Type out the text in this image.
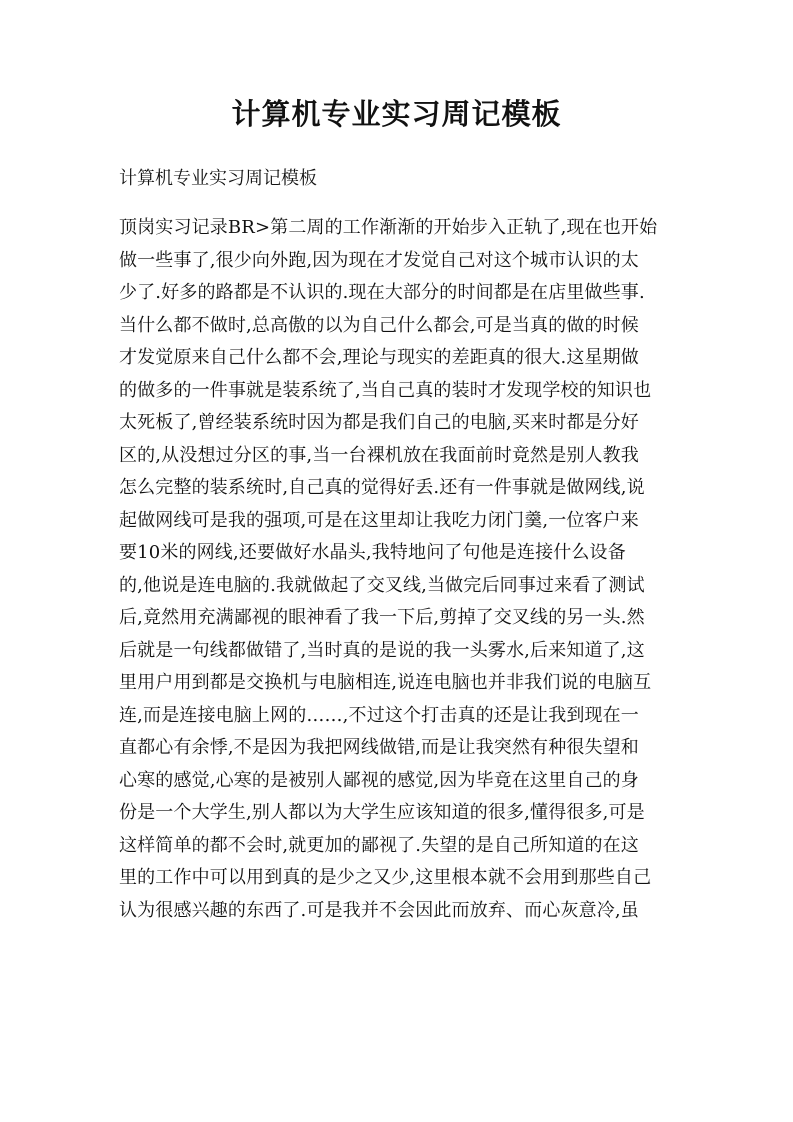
计算机专业实习周记模板

计算机专业实习周记模板

顶岗实习记录BR>第二周的工作渐渐的开始步入正轨了,现在也开始
做一些事了,很少向外跑,因为现在才发觉自己对这个城市认识的太
少了.好多的路都是不认识的.现在大部分的时间都是在店里做些事.
当什么都不做时,总高傲的以为自己什么都会,可是当真的做的时候
才发觉原来自己什么都不会,理论与现实的差距真的很大.这星期做
的做多的一件事就是装系统了,当自己真的装时才发现学校的知识也
太死板了,曾经装系统时因为都是我们自己的电脑,买来时都是分好
区的,从没想过分区的事,当一台裸机放在我面前时竟然是别人教我
怎么完整的装系统时,自己真的觉得好丢.还有一件事就是做网线,说
起做网线可是我的强项,可是在这里却让我吃力闭门羹,一位客户来
要10米的网线,还要做好水晶头,我特地问了句他是连接什么设备
的,他说是连电脑的.我就做起了交叉线,当做完后同事过来看了测试
后,竟然用充满鄙视的眼神看了我一下后,剪掉了交叉线的另一头.然
后就是一句线都做错了,当时真的是说的我一头雾水,后来知道了,这
里用户用到都是交换机与电脑相连,说连电脑也并非我们说的电脑互
连,而是连接电脑上网的……,不过这个打击真的还是让我到现在一
直都心有余悸,不是因为我把网线做错,而是让我突然有种很失望和
心寒的感觉,心寒的是被别人鄙视的感觉,因为毕竟在这里自己的身
份是一个大学生,别人都以为大学生应该知道的很多,懂得很多,可是
这样简单的都不会时,就更加的鄙视了.失望的是自己所知道的在这
里的工作中可以用到真的是少之又少,这里根本就不会用到那些自己
认为很感兴趣的东西了.可是我并不会因此而放弃、而心灰意冷,虽
